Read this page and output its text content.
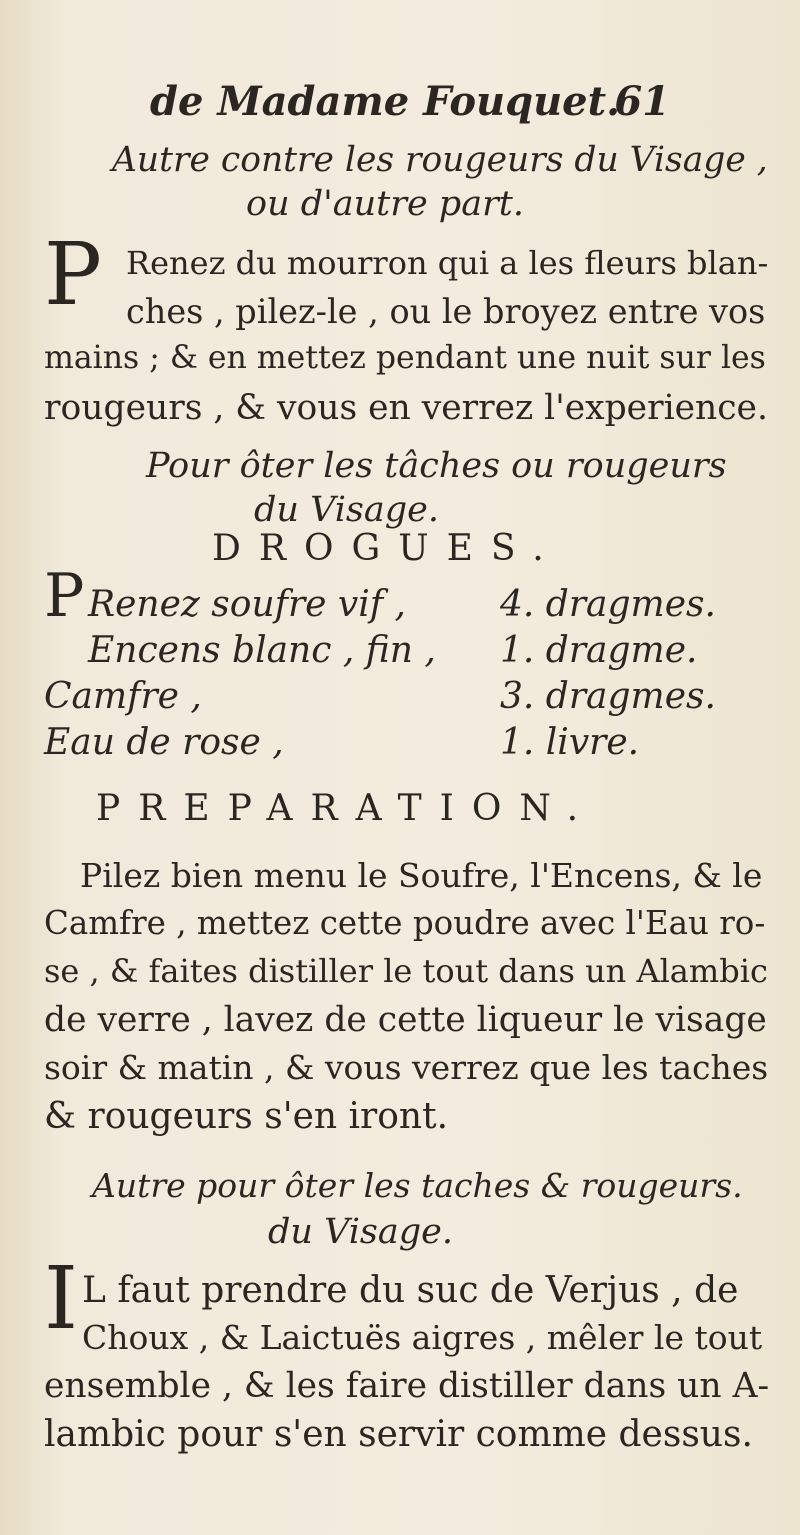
de Madame Fouquet.
61
Autre contre les rougeurs du Visage ,
ou d'autre part.
P Renez du mourron qui a les fleurs blan-
ches , pilez-le , ou le broyez entre vos
mains ; & en mettez pendant une nuit sur les
rougeurs , & vous en verrez l'experience.
Pour ôter les tâches ou rougeurs
du Visage.
DROGUES.
P Renez soufre vif ,	4. dragmes.
Encens blanc , fin , 1. dragme.
Camfre ,	3. dragmes.
Eau de rose ,	1. livre.
PREPARATION.
Pilez bien menu le Soufre, l'Encens, & le
Camfre , mettez cette poudre avec l'Eau ro-
se , & faites distiller le tout dans un Alambic
de verre , lavez de cette liqueur le visage
soir & matin , & vous verrez que les taches
& rougeurs s'en iront.
Autre pour ôter les taches & rougeurs.
du Visage.
I L faut prendre du suc de Verjus , de
Choux , & Laictuës aigres , mêler le tout
ensemble , & les faire distiller dans un A-
lambic pour s'en servir comme dessus.
